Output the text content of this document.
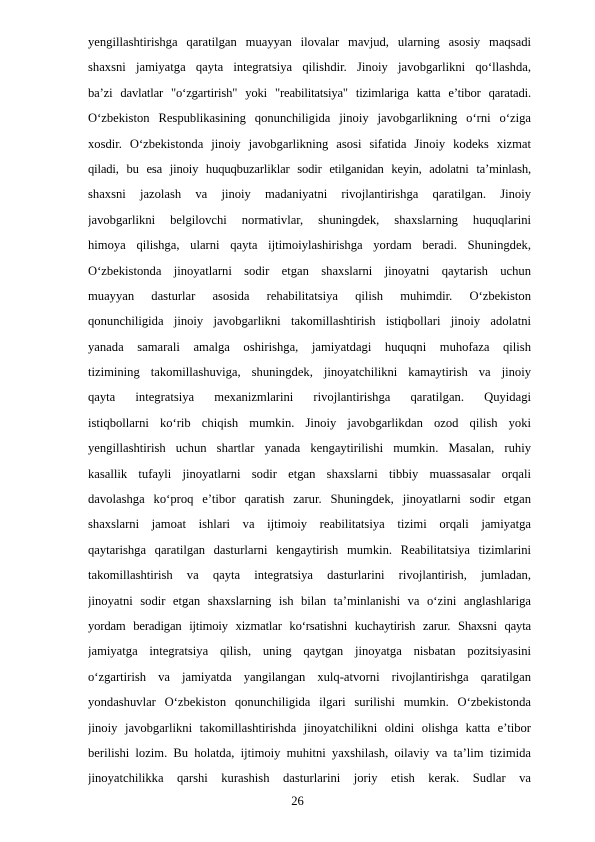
yengillashtirishga qaratilgan muayyan ilovalar mavjud, ularning asosiy maqsadi
shaxsni jamiyatga qayta integratsiya qilishdir. Jinoiy javobgarlikni qo‘llashda,
ba’zi davlatlar "o‘zgartirish" yoki "reabilitatsiya" tizimlariga katta e’tibor qaratadi.
O‘zbekiston Respublikasining qonunchiligida jinoiy javobgarlikning o‘rni o‘ziga
xosdir. O‘zbekistonda jinoiy javobgarlikning asosi sifatida Jinoiy kodeks xizmat
qiladi, bu esa jinoiy huquqbuzarliklar sodir etilganidan keyin, adolatni ta’minlash,
shaxsni jazolash va jinoiy madaniyatni rivojlantirishga qaratilgan. Jinoiy
javobgarlikni belgilovchi normativlar, shuningdek, shaxslarning huquqlarini
himoya qilishga, ularni qayta ijtimoiylashirishga yordam beradi. Shuningdek,
O‘zbekistonda jinoyatlarni sodir etgan shaxslarni jinoyatni qaytarish uchun
muayyan dasturlar asosida rehabilitatsiya qilish muhimdir. O‘zbekiston
qonunchiligida jinoiy javobgarlikni takomillashtirish istiqbollari jinoiy adolatni
yanada samarali amalga oshirishga, jamiyatdagi huquqni muhofaza qilish
tizimining takomillashuviga, shuningdek, jinoyatchilikni kamaytirish va jinoiy
qayta integratsiya mexanizmlarini rivojlantirishga qaratilgan. Quyidagi
istiqbollarni ko‘rib chiqish mumkin. Jinoiy javobgarlikdan ozod qilish yoki
yengillashtirish uchun shartlar yanada kengaytirilishi mumkin. Masalan, ruhiy
kasallik tufayli jinoyatlarni sodir etgan shaxslarni tibbiy muassasalar orqali
davolashga ko‘proq e’tibor qaratish zarur. Shuningdek, jinoyatlarni sodir etgan
shaxslarni jamoat ishlari va ijtimoiy reabilitatsiya tizimi orqali jamiyatga
qaytarishga qaratilgan dasturlarni kengaytirish mumkin. Reabilitatsiya tizimlarini
takomillashtirish va qayta integratsiya dasturlarini rivojlantirish, jumladan,
jinoyatni sodir etgan shaxslarning ish bilan ta’minlanishi va o‘zini anglashlariga
yordam beradigan ijtimoiy xizmatlar ko‘rsatishni kuchaytirish zarur. Shaxsni qayta
jamiyatga integratsiya qilish, uning qaytgan jinoyatga nisbatan pozitsiyasini
o‘zgartirish va jamiyatda yangilangan xulq-atvorni rivojlantirishga qaratilgan
yondashuvlar O‘zbekiston qonunchiligida ilgari surilishi mumkin. O‘zbekistonda
jinoiy javobgarlikni takomillashtirishda jinoyatchilikni oldini olishga katta e’tibor
berilishi lozim. Bu holatda, ijtimoiy muhitni yaxshilash, oilaviy va ta’lim tizimida
jinoyatchilikka qarshi kurashish dasturlarini joriy etish kerak. Sudlar va
26
